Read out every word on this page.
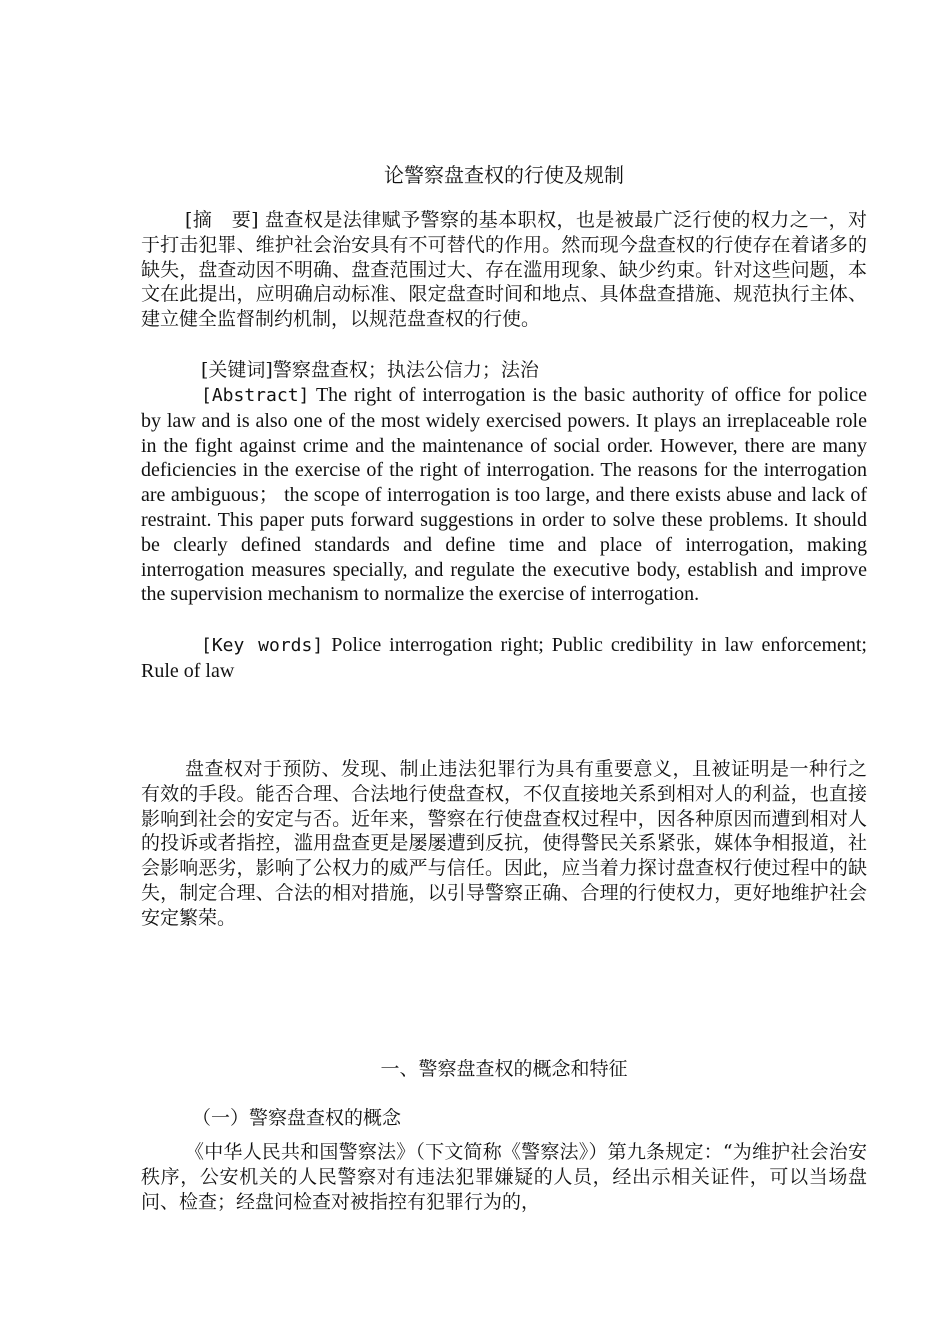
论警察盘查权的行使及规制

[摘　要] 盘查权是法律赋予警察的基本职权，也是被最广泛行使的权力之一，对于打击犯罪、维护社会治安具有不可替代的作用。然而现今盘查权的行使存在着诸多的缺失，盘查动因不明确、盘查范围过大、存在滥用现象、缺少约束。针对这些问题，本文在此提出，应明确启动标准、限定盘查时间和地点、具体盘查措施、规范执行主体、建立健全监督制约机制，以规范盘查权的行使。

[关键词]警察盘查权；执法公信力；法治

[Abstract] The right of interrogation is the basic authority of office for police by law and is also one of the most widely exercised powers. It plays an irreplaceable role in the fight against crime and the maintenance of social order. However, there are many deficiencies in the exercise of the right of interrogation. The reasons for the interrogation are ambiguous； the scope of interrogation is too large, and there exists abuse and lack of restraint. This paper puts forward suggestions in order to solve these problems. It should be clearly defined standards and define time and place of interrogation, making interrogation measures specially, and regulate the executive body, establish and improve the supervision mechanism to normalize the exercise of interrogation.

[Key words] Police interrogation right; Public credibility in law enforcement; Rule of law

盘查权对于预防、发现、制止违法犯罪行为具有重要意义，且被证明是一种行之有效的手段。能否合理、合法地行使盘查权，不仅直接地关系到相对人的利益，也直接影响到社会的安定与否。近年来，警察在行使盘查权过程中，因各种原因而遭到相对人的投诉或者指控，滥用盘查更是屡屡遭到反抗，使得警民关系紧张，媒体争相报道，社会影响恶劣，影响了公权力的威严与信任。因此，应当着力探讨盘查权行使过程中的缺失，制定合理、合法的相对措施，以引导警察正确、合理的行使权力，更好地维护社会安定繁荣。

一、警察盘查权的概念和特征
（一）警察盘查权的概念

《中华人民共和国警察法》（下文简称《警察法》）第九条规定：“为维护社会治安秩序，公安机关的人民警察对有违法犯罪嫌疑的人员，经出示相关证件，可以当场盘问、检查；经盘问检查对被指控有犯罪行为的，
